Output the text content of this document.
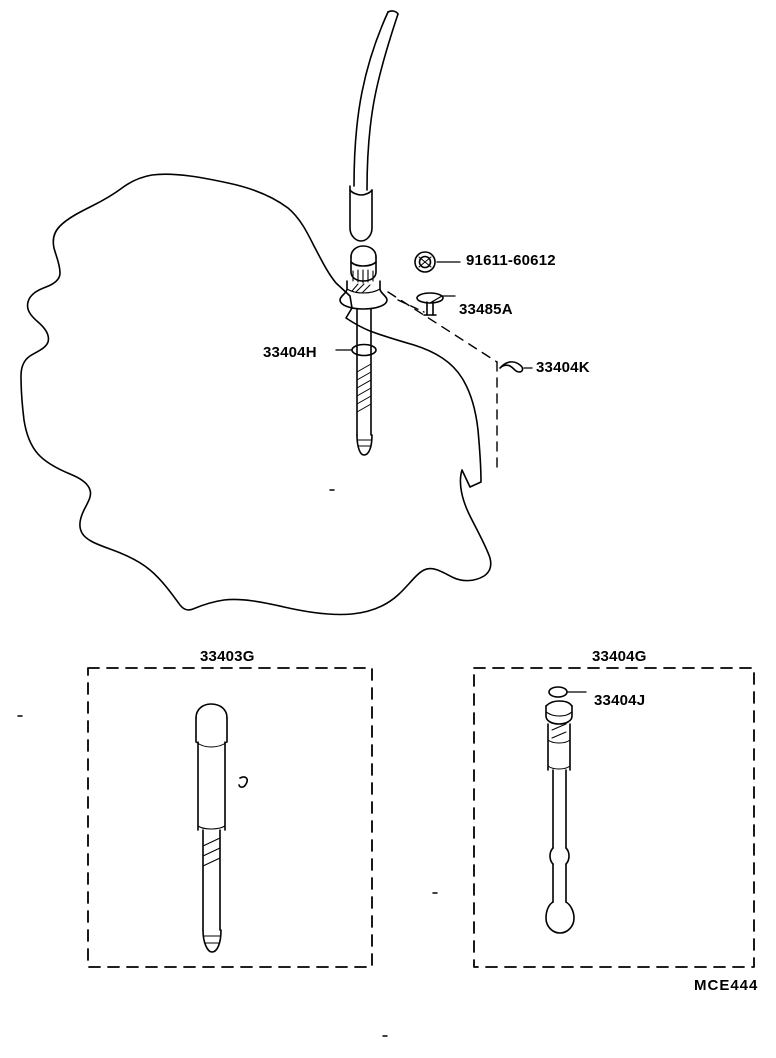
91611-60612
33485A
33404H
33404K
33403G	33404G
33404J
MCE444
